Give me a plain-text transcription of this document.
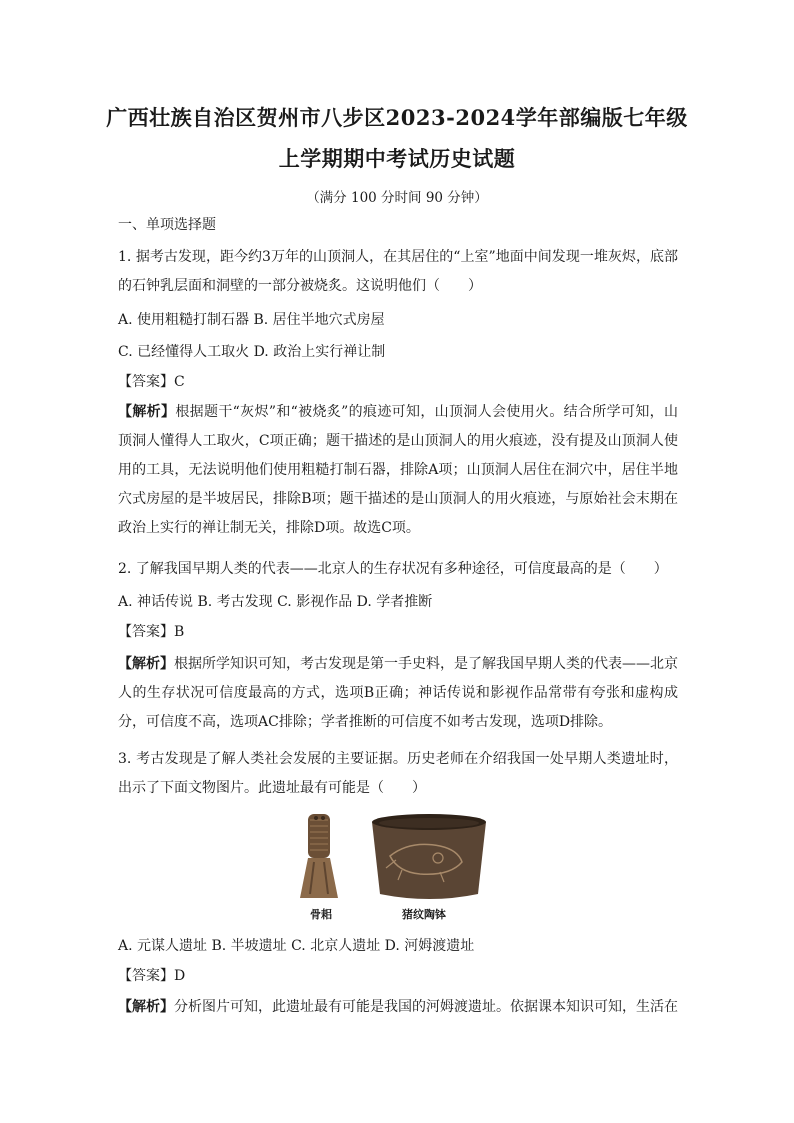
广西壮族自治区贺州市八步区2023-2024学年部编版七年级
上学期期中考试历史试题
（满分 100 分时间 90 分钟）
一、单项选择题
1. 据考古发现，距今约3万年的山顶洞人，在其居住的“上室”地面中间发现一堆灰烬，底部的石钟乳层面和洞壁的一部分被烧炙。这说明他们（　　）
A. 使用粗糙打制石器 B. 居住半地穴式房屋
C. 已经懂得人工取火 D. 政治上实行禅让制
【答案】C
【解析】根据题干“灰烬”和“被烧炙”的痕迹可知，山顶洞人会使用火。结合所学可知，山顶洞人懂得人工取火，C项正确；题干描述的是山顶洞人的用火痕迹，没有提及山顶洞人使用的工具，无法说明他们使用粗糙打制石器，排除A项；山顶洞人居住在洞穴中，居住半地穴式房屋的是半坡居民，排除B项；题干描述的是山顶洞人的用火痕迹，与原始社会末期在政治上实行的禅让制无关，排除D项。故选C项。
2. 了解我国早期人类的代表——北京人的生存状况有多种途径，可信度最高的是（　　）
A. 神话传说 B. 考古发现 C. 影视作品 D. 学者推断
【答案】B
【解析】根据所学知识可知，考古发现是第一手史料，是了解我国早期人类的代表——北京人的生存状况可信度最高的方式，选项B正确；神话传说和影视作品常带有夸张和虚构成分，可信度不高，选项AC排除；学者推断的可信度不如考古发现，选项D排除。
3. 考古发现是了解人类社会发展的主要证据。历史老师在介绍我国一处早期人类遗址时，出示了下面文物图片。此遗址最有可能是（　　）
骨耜	猪纹陶钵
A. 元谋人遗址 B. 半坡遗址 C. 北京人遗址 D. 河姆渡遗址
【答案】D
【解析】分析图片可知，此遗址最有可能是我国的河姆渡遗址。依据课本知识可知，生活在
